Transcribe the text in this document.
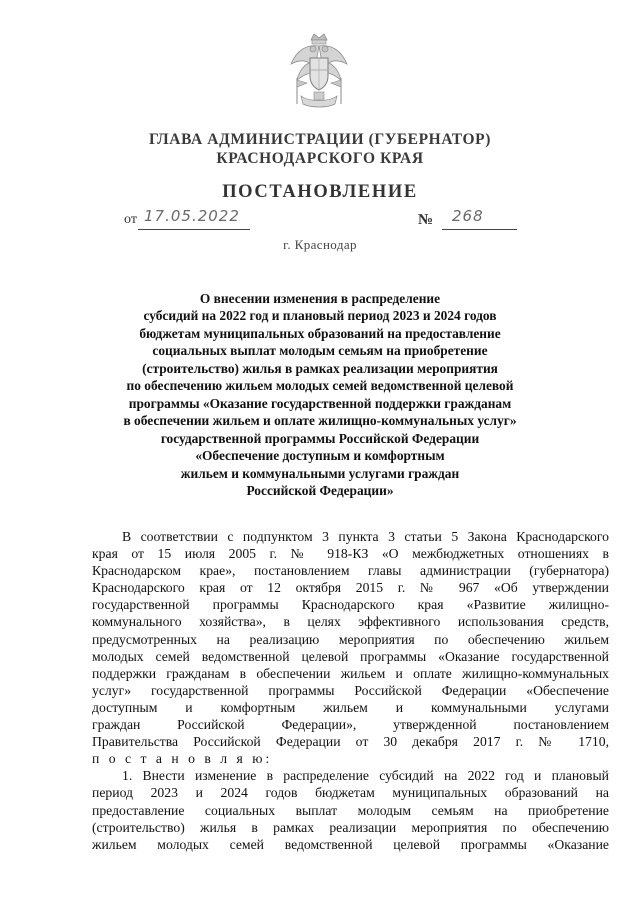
ГЛАВА АДМИНИСТРАЦИИ (ГУБЕРНАТОР)
КРАСНОДАРСКОГО КРАЯ
ПОСТАНОВЛЕНИЕ
от 17.05.2022	№ 268
г. Краснодар
О внесении изменения в распределение
субсидий на 2022 год и плановый период 2023 и 2024 годов
бюджетам муниципальных образований на предоставление
социальных выплат молодым семьям на приобретение
(строительство) жилья в рамках реализации мероприятия
по обеспечению жильем молодых семей ведомственной целевой
программы «Оказание государственной поддержки гражданам
в обеспечении жильем и оплате жилищно-коммунальных услуг»
государственной программы Российской Федерации
«Обеспечение доступным и комфортным
жильем и коммунальными услугами граждан
Российской Федерации»
В соответствии с подпунктом 3 пункта 3 статьи 5 Закона Краснодарского
края от 15 июля 2005 г. № 918-КЗ «О межбюджетных отношениях в
Краснодарском крае», постановлением главы администрации (губернатора)
Краснодарского края от 12 октября 2015 г. № 967 «Об утверждении
государственной программы Краснодарского края «Развитие жилищно-
коммунального хозяйства», в целях эффективного использования средств,
предусмотренных на реализацию мероприятия по обеспечению жильем
молодых семей ведомственной целевой программы «Оказание государственной
поддержки гражданам в обеспечении жильем и оплате жилищно-коммунальных
услуг» государственной программы Российской Федерации «Обеспечение
доступным и комфортным жильем и коммунальными услугами
граждан Российской Федерации», утвержденной постановлением
Правительства Российской Федерации от 30 декабря 2017 г. № 1710,
п о с т а н о в л я ю:
1. Внести изменение в распределение субсидий на 2022 год и плановый
период 2023 и 2024 годов бюджетам муниципальных образований на
предоставление социальных выплат молодым семьям на приобретение
(строительство) жилья в рамках реализации мероприятия по обеспечению
жильем молодых семей ведомственной целевой программы «Оказание
